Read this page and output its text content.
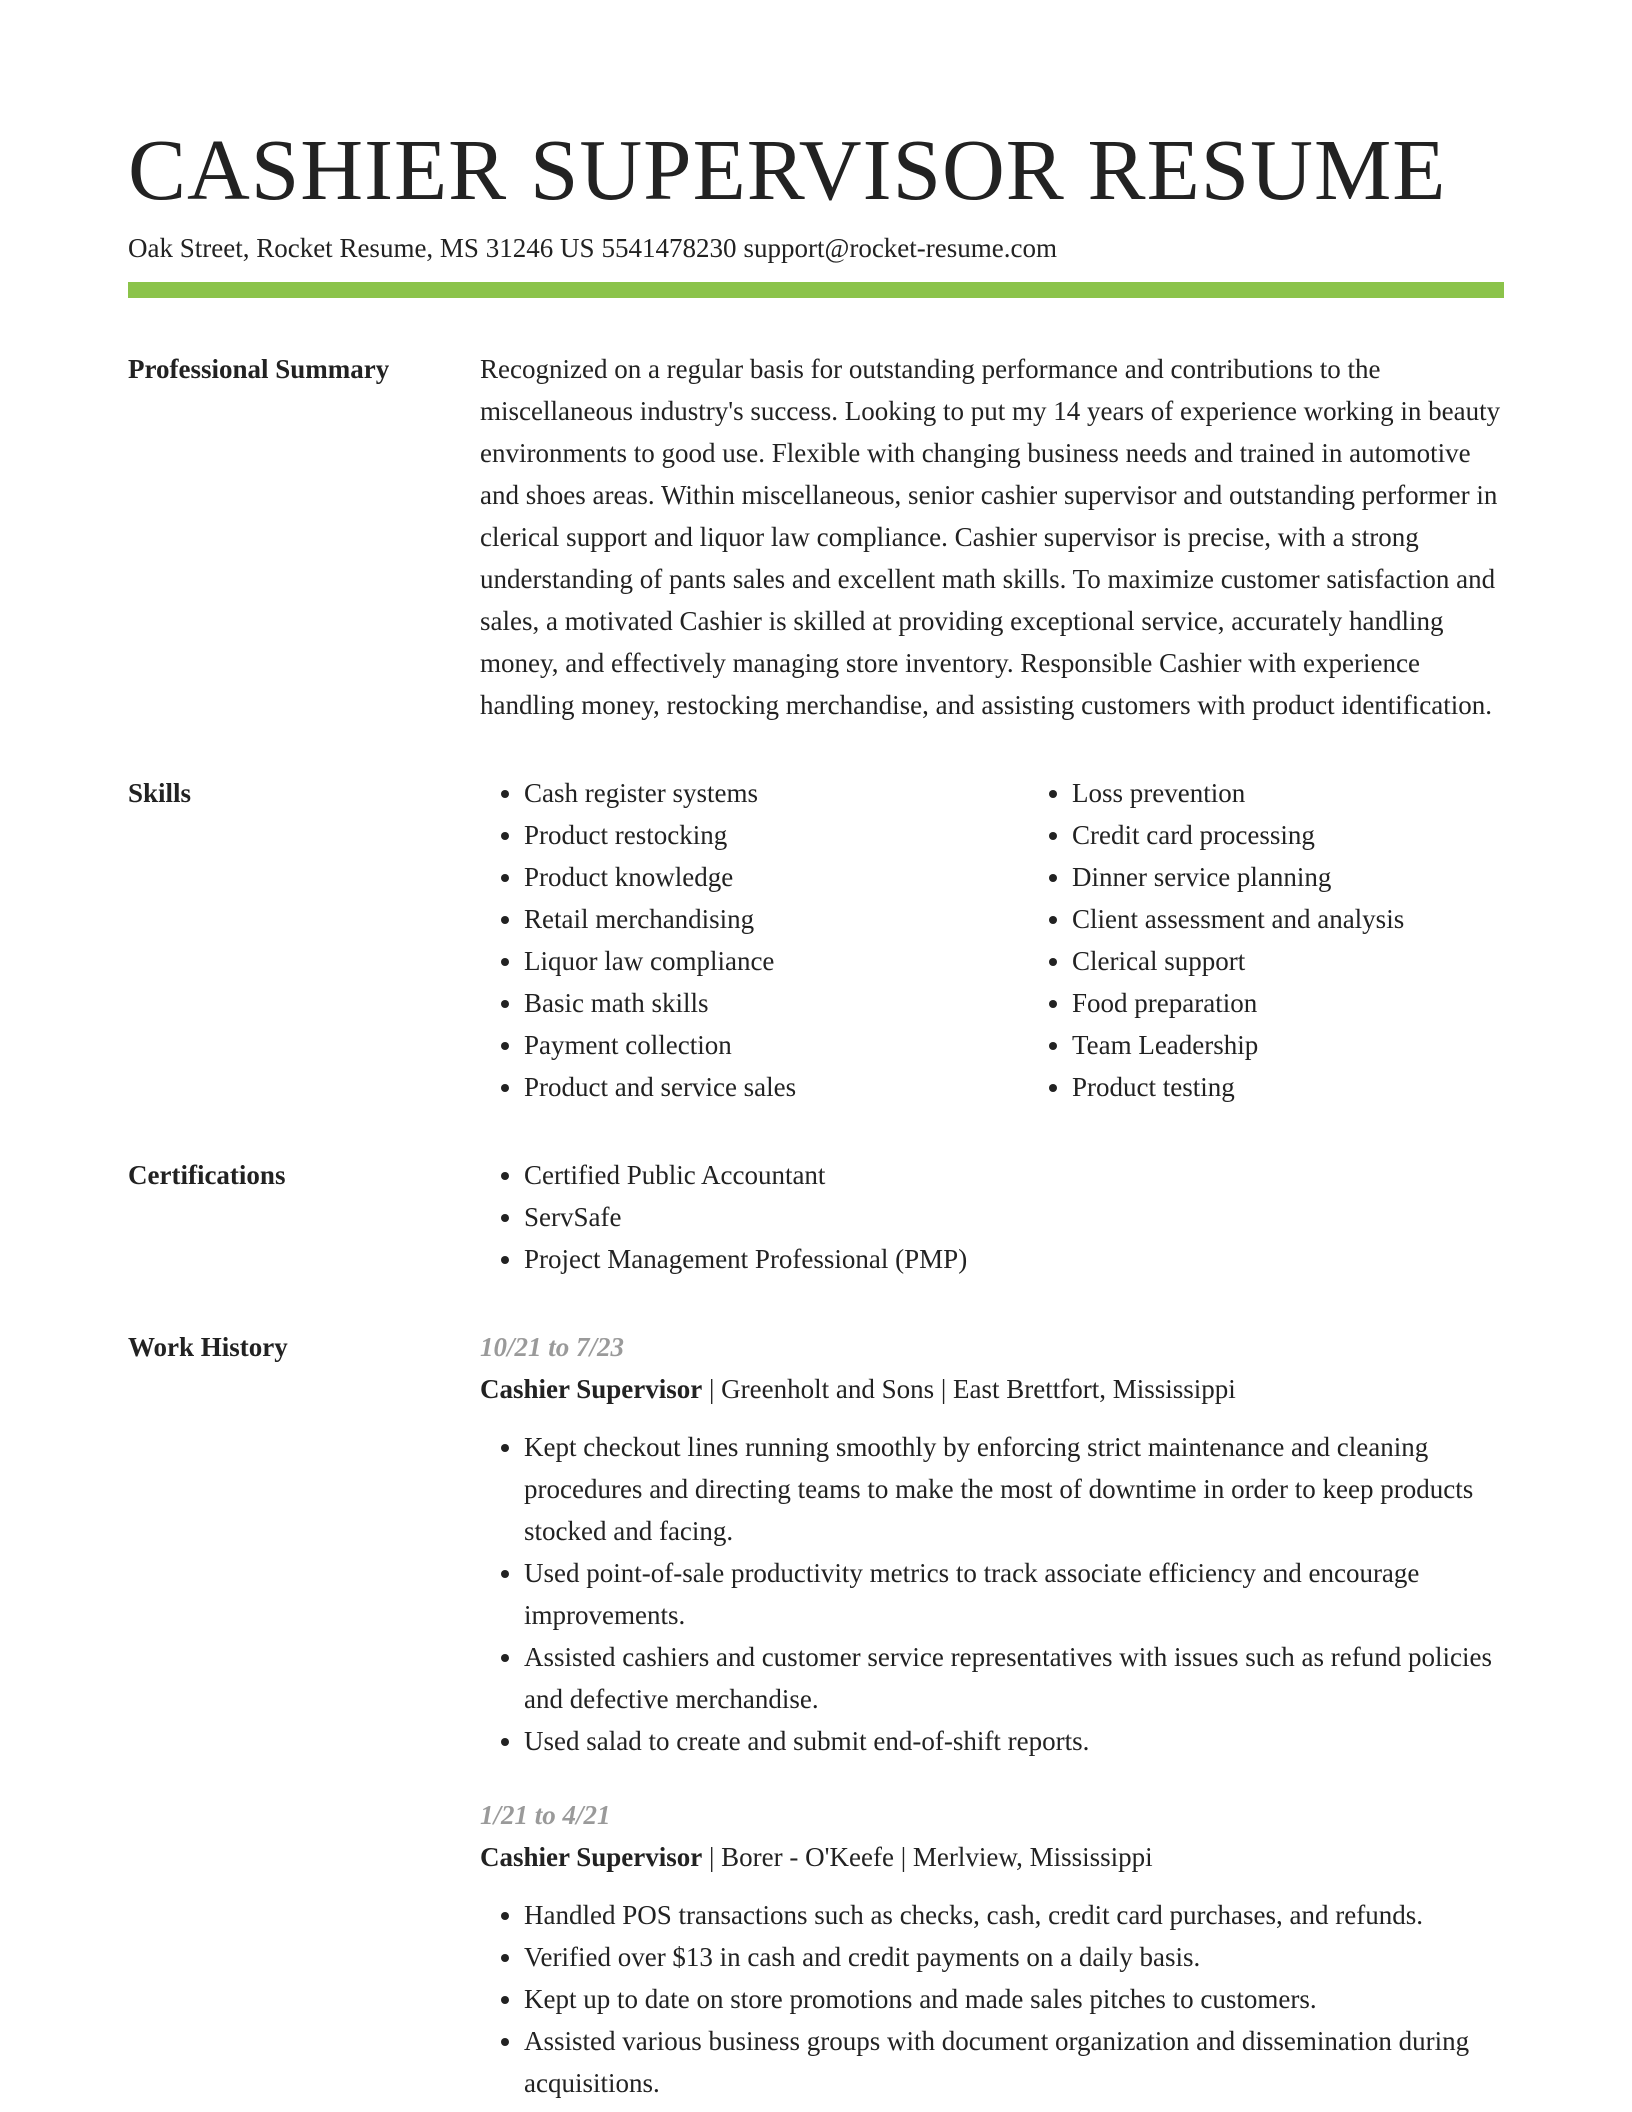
CASHIER SUPERVISOR RESUME
Oak Street, Rocket Resume, MS 31246 US 5541478230 support@rocket-resume.com
Professional Summary	Recognized on a regular basis for outstanding performance and contributions to the miscellaneous industry's success. Looking to put my 14 years of experience working in beauty environments to good use. Flexible with changing business needs and trained in automotive and shoes areas. Within miscellaneous, senior cashier supervisor and outstanding performer in clerical support and liquor law compliance. Cashier supervisor is precise, with a strong understanding of pants sales and excellent math skills. To maximize customer satisfaction and sales, a motivated Cashier is skilled at providing exceptional service, accurately handling money, and effectively managing store inventory. Responsible Cashier with experience handling money, restocking merchandise, and assisting customers with product identification.

Skills	• Cash register systems
• Product restocking
• Product knowledge
• Retail merchandising
• Liquor law compliance
• Basic math skills
• Payment collection
• Product and service sales
• Loss prevention
• Credit card processing
• Dinner service planning
• Client assessment and analysis
• Clerical support
• Food preparation
• Team Leadership
• Product testing
Certifications	• Certified Public Accountant
• ServSafe
• Project Management Professional (PMP)
Work History	10/21 to 7/23
Cashier Supervisor | Greenholt and Sons | East Brettfort, Mississippi
• Kept checkout lines running smoothly by enforcing strict maintenance and cleaning procedures and directing teams to make the most of downtime in order to keep products stocked and facing.
• Used point-of-sale productivity metrics to track associate efficiency and encourage improvements.
• Assisted cashiers and customer service representatives with issues such as refund policies and defective merchandise.
• Used salad to create and submit end-of-shift reports.
1/21 to 4/21
Cashier Supervisor | Borer - O'Keefe | Merlview, Mississippi
• Handled POS transactions such as checks, cash, credit card purchases, and refunds.
• Verified over $13 in cash and credit payments on a daily basis.
• Kept up to date on store promotions and made sales pitches to customers.
• Assisted various business groups with document organization and dissemination during acquisitions.
